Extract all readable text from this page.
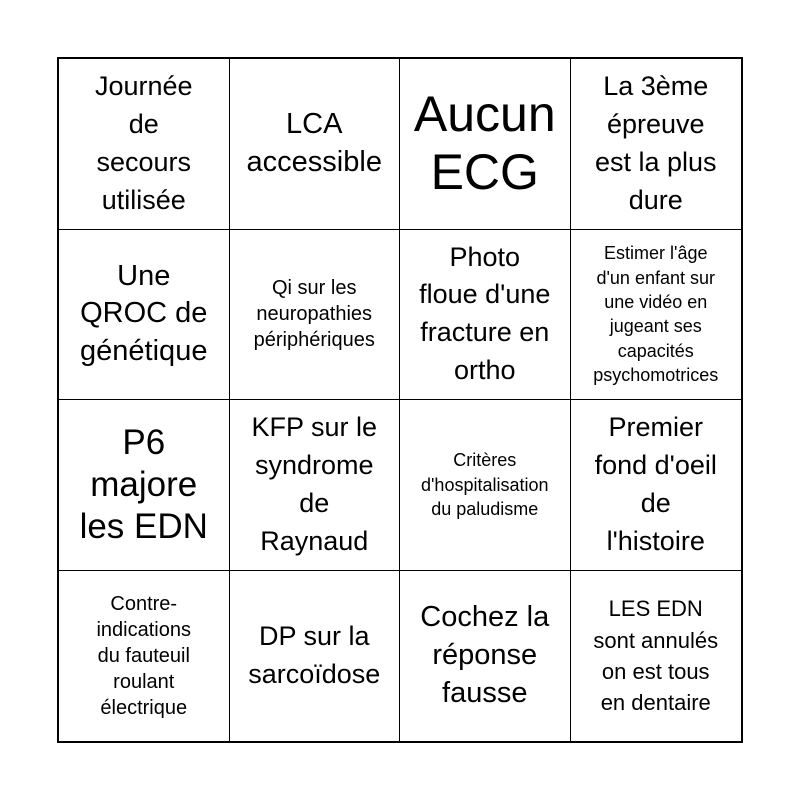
Journée
de
secours
utilisée
LCA
accessible
Aucun
ECG
La 3ème
épreuve
est la plus
dure
Une
QROC de
génétique
Qi sur les
neuropathies
périphériques
Photo
floue d'une
fracture en
ortho
Estimer l'âge
d'un enfant sur
une vidéo en
jugeant ses
capacités
psychomotrices
P6
majore
les EDN
KFP sur le
syndrome
de
Raynaud
Critères
d'hospitalisation
du paludisme
Premier
fond d'oeil
de
l'histoire
Contre-
indications
du fauteuil
roulant
électrique
DP sur la
sarcoïdose
Cochez la
réponse
fausse
LES EDN
sont annulés
on est tous
en dentaire
